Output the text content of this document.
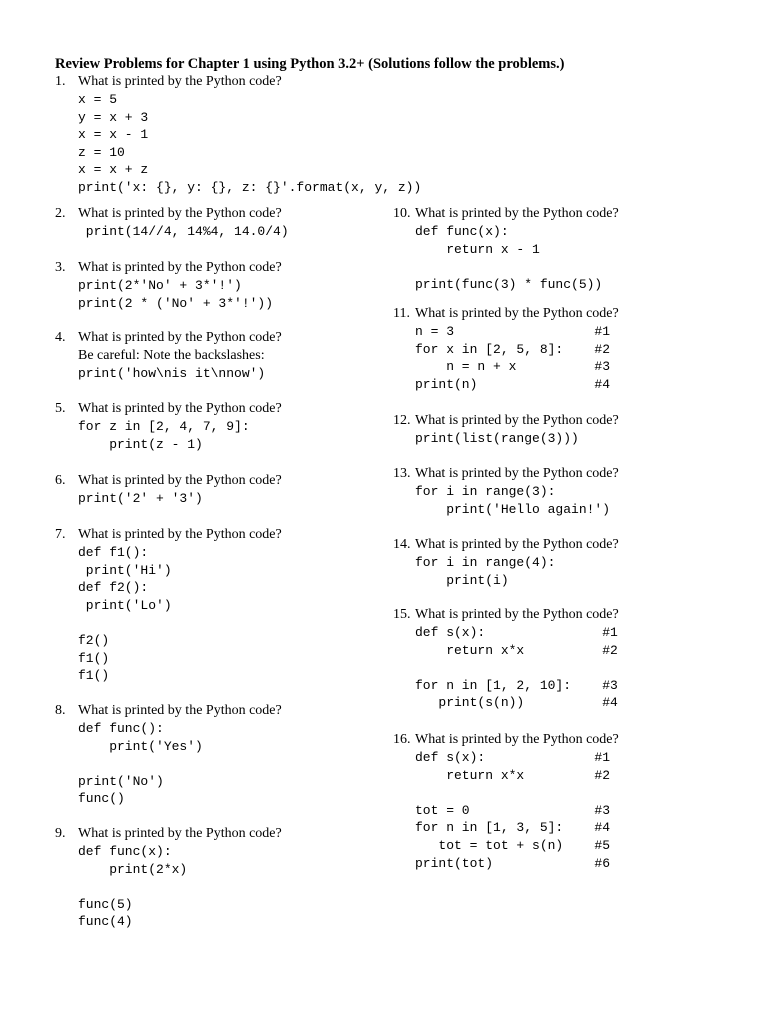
Review Problems for Chapter 1 using Python 3.2+ (Solutions follow the problems.)
1. What is printed by the Python code?
x = 5
y = x + 3
x = x - 1
z = 10
x = x + z
print('x: {}, y: {}, z: {}'.format(x, y, z))
2. What is printed by the Python code?
print(14//4, 14%4, 14.0/4)
3. What is printed by the Python code?
print(2*'No' + 3*'!')
print(2 * ('No' + 3*'!'))
4. What is printed by the Python code?
Be careful: Note the backslashes:
print('how\nis it\nnow')
5. What is printed by the Python code?
for z in [2, 4, 7, 9]:
print(z - 1)
6. What is printed by the Python code?
print('2' + '3')
7. What is printed by the Python code?
def f1():
print('Hi')
def f2():
print('Lo')

f2()
f1()
f1()
8. What is printed by the Python code?
def func():
print('Yes')

print('No')
func()
9. What is printed by the Python code?
def func(x):
print(2*x)

func(5)
func(4)
10. What is printed by the Python code?
def func(x):
return x - 1

print(func(3) * func(5))
11. What is printed by the Python code?
n = 3                  #1
for x in [2, 5, 8]:    #2
n = n + x          #3
print(n)               #4
12. What is printed by the Python code?
print(list(range(3)))
13. What is printed by the Python code?
for i in range(3):
print('Hello again!')
14. What is printed by the Python code?
for i in range(4):
print(i)
15. What is printed by the Python code?
def s(x):               #1
return x*x          #2

for n in [1, 2, 10]:    #3
print(s(n))          #4
16. What is printed by the Python code?
def s(x):              #1
return x*x         #2

tot = 0                #3
for n in [1, 3, 5]:    #4
tot = tot + s(n)    #5
print(tot)             #6
